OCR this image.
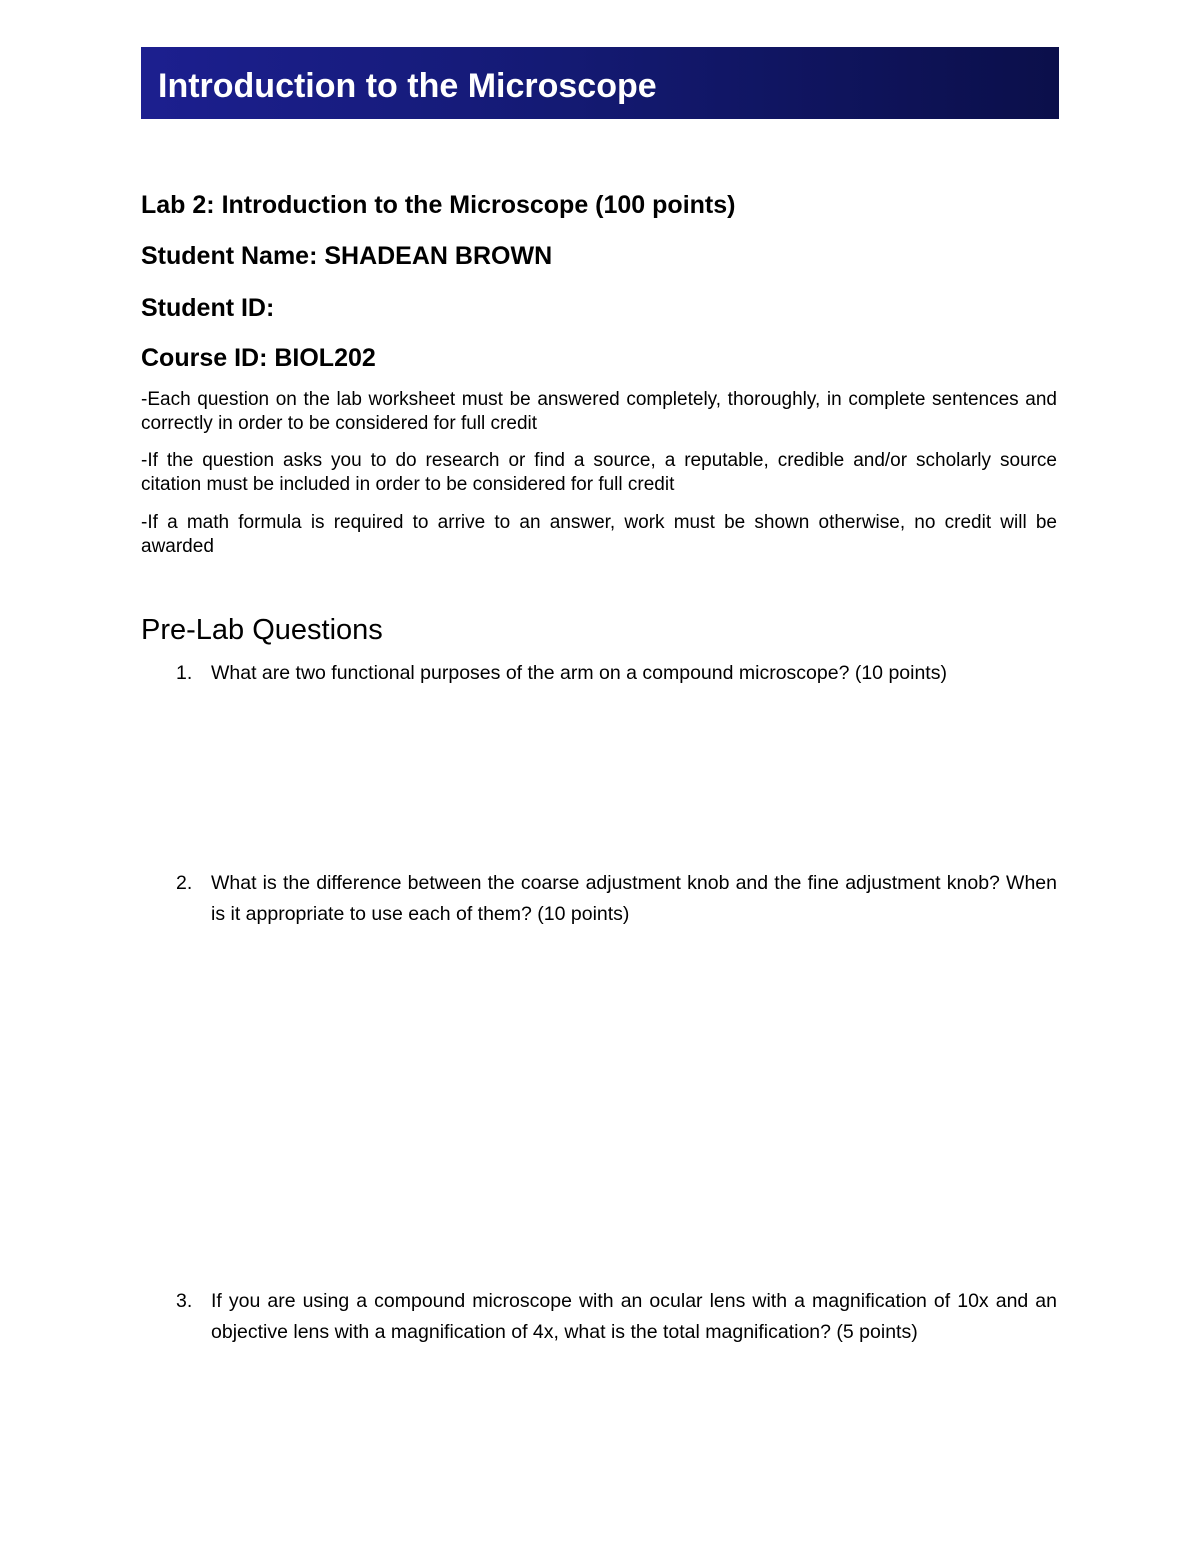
Introduction to the Microscope
Lab 2: Introduction to the Microscope (100 points)
Student Name: SHADEAN BROWN
Student ID:
Course ID: BIOL202
-Each question on the lab worksheet must be answered completely, thoroughly, in complete sentences and correctly in order to be considered for full credit
-If the question asks you to do research or find a source, a reputable, credible and/or scholarly source citation must be included in order to be considered for full credit
-If a math formula is required to arrive to an answer, work must be shown otherwise, no credit will be awarded
Pre-Lab Questions
1. What are two functional purposes of the arm on a compound microscope? (10 points)
2. What is the difference between the coarse adjustment knob and the fine adjustment knob? When is it appropriate to use each of them? (10 points)
3. If you are using a compound microscope with an ocular lens with a magnification of 10x and an objective lens with a magnification of 4x, what is the total magnification? (5 points)
